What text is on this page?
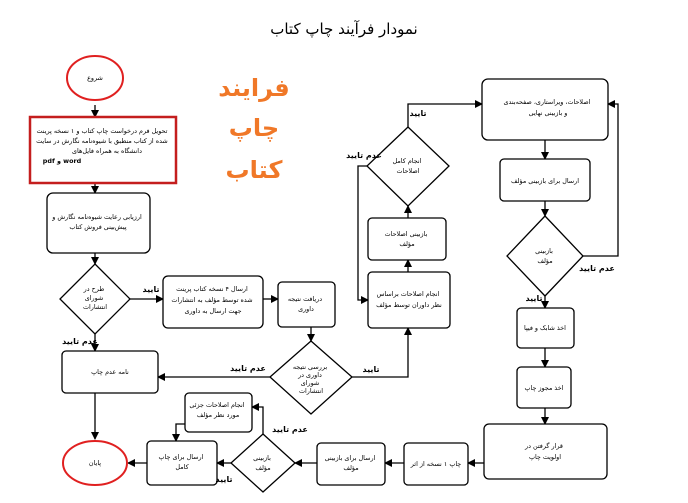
نمودار فرآیند چاپ کتاب
فرایند
چاپ
کتاب
شروع
تحویل فرم درخواست چاپ کتاب و ۱ نسخه پرینت شده از کتاب منطبق با شیوه‌نامه نگارش در سایت دانشگاه به همراه فایل‌های pdf و word
ارزیابی رعایت شیوه‌نامه نگارش و پیش‌بینی فروش کتاب
طرح در شورای انتشارات
نامه عدم چاپ
پایان
ارسال ۴ نسخه کتاب پرینت شده توسط مؤلف به انتشارات جهت ارسال به داوری
دریافت نتیجه داوری
بررسی نتیجه داوری در شورای انتشارات
انجام اصلاحات براساس نظر داوران توسط مؤلف
بازبینی اصلاحات مؤلف
انجام کامل اصلاحات
اصلاحات، ویراستاری، صفحه‌بندی و بازبینی نهایی
ارسال برای بازبینی مؤلف
بازبینی مؤلف
اخذ شابک و فیپا
اخذ مجوز چاپ
قرار گرفتن در اولویت چاپ
چاپ ۱ نسخه از اثر
ارسال برای بازبینی مؤلف
بازبینی مؤلف
ارسال برای چاپ کامل
انجام اصلاحات جزئی مورد نظر مؤلف
تایید
عدم تایید
عدم تایید	تایید
عدم تایید
تایید
عدم تایید
تایید
عدم تایید
تایید
